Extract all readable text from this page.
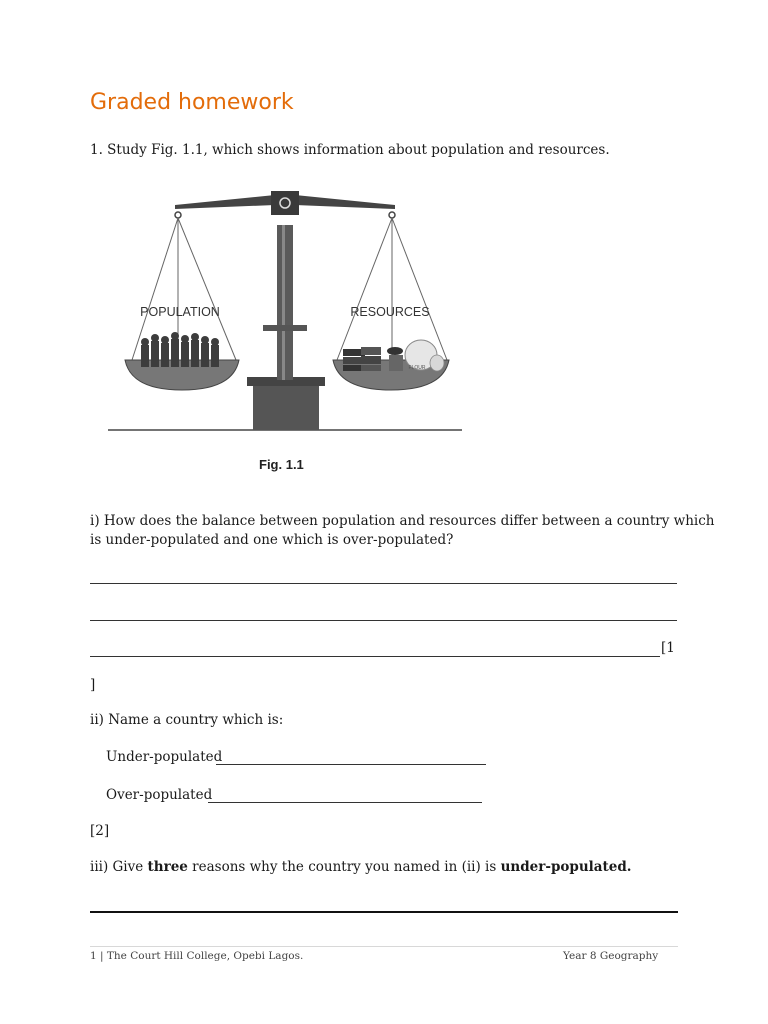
Graded homework
1. Study Fig. 1.1, which shows information about population and resources.
FLOUR
POPULATION	RESOURCES
Fig. 1.1
i) How does the balance between population and resources differ between a country which
is under-populated and one which is over-populated?
[1
]
ii) Name a country which is:
Under-populated
Over-populated
[2]
iii) Give three reasons why the country you named in (ii) is under-populated.
1 | The Court Hill College, Opebi Lagos.	Year 8 Geography
